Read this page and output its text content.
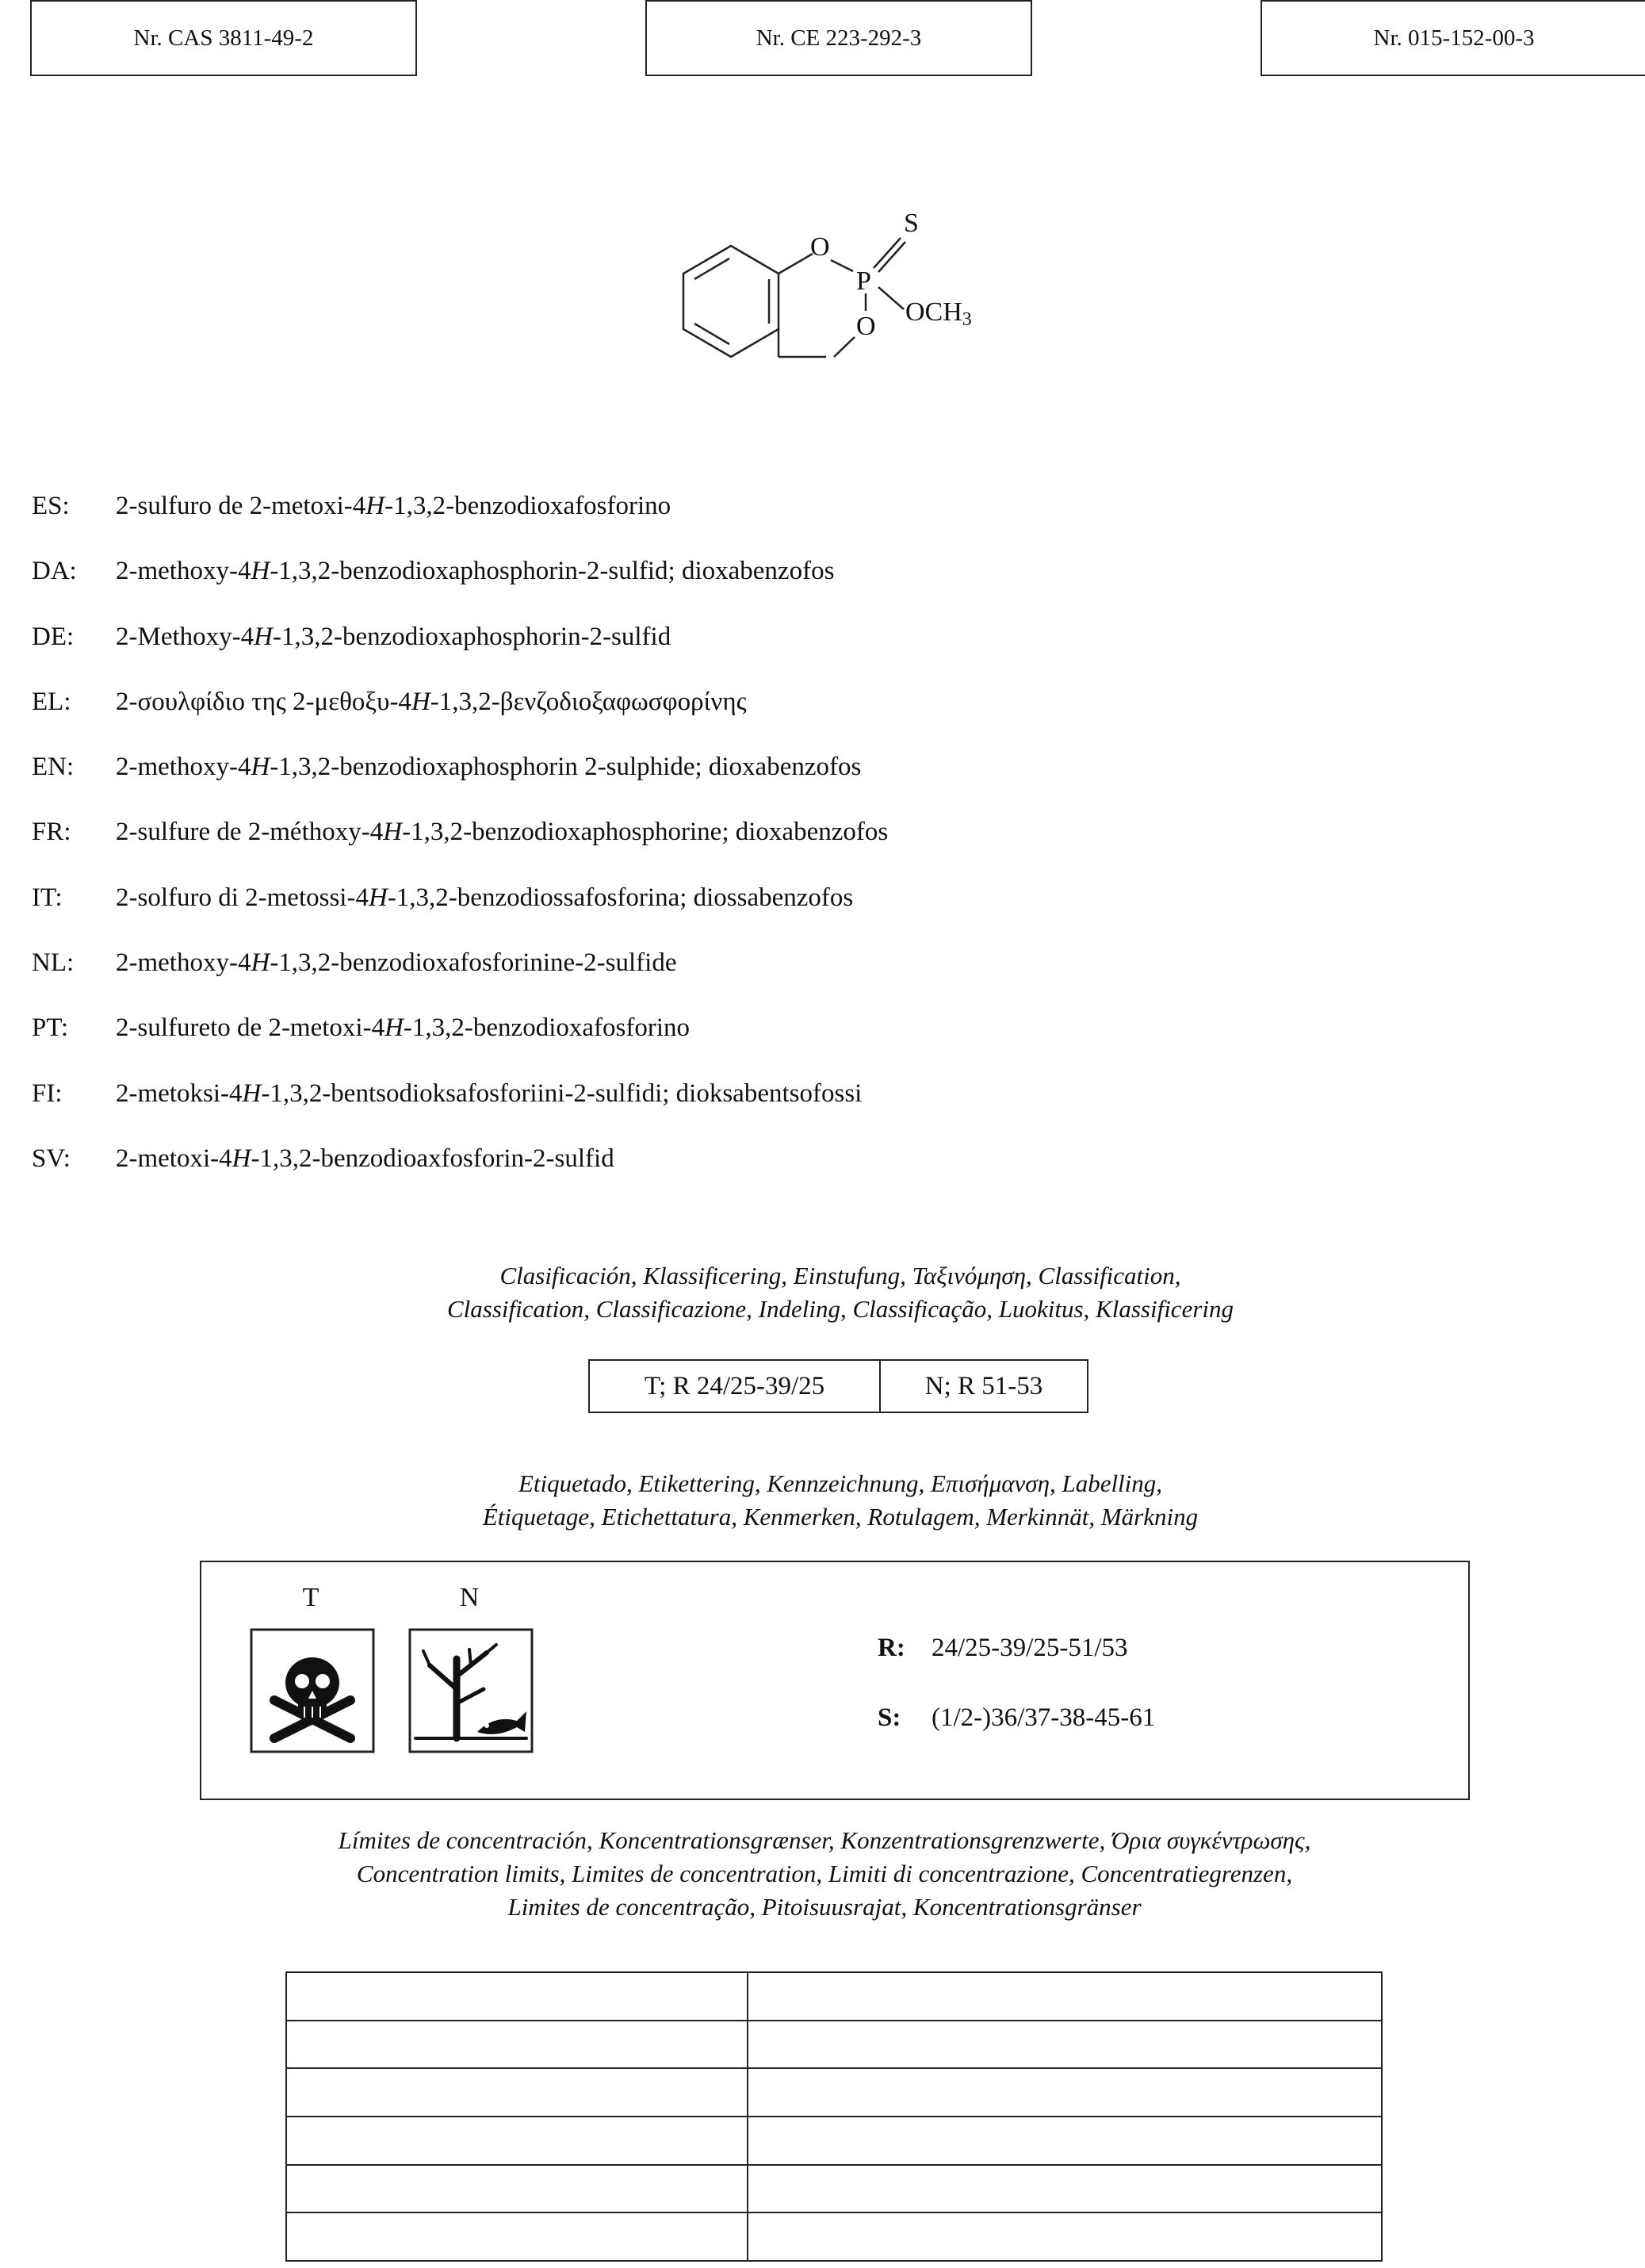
Nr. CAS 3811-49-2	Nr. CE 223-292-3	Nr. 015-152-00-3
S
P
O
O OCH3
ES:	2-sulfuro de 2-metoxi-4H-1,3,2-benzodioxafosforino
DA:	2-methoxy-4H-1,3,2-benzodioxaphosphorin-2-sulfid; dioxabenzofos
DE:	2-Methoxy-4H-1,3,2-benzodioxaphosphorin-2-sulfid
EL:	2-σουλφίδιο της 2-μεθοξυ-4H-1,3,2-βενζοδιοξαφωσφορίνης
EN:	2-methoxy-4H-1,3,2-benzodioxaphosphorin 2-sulphide; dioxabenzofos
FR:	2-sulfure de 2-méthoxy-4H-1,3,2-benzodioxaphosphorine; dioxabenzofos
IT:	2-solfuro di 2-metossi-4H-1,3,2-benzodiossafosforina; diossabenzofos
NL:	2-methoxy-4H-1,3,2-benzodioxafosforinine-2-sulfide
PT:	2-sulfureto de 2-metoxi-4H-1,3,2-benzodioxafosforino
FI:	2-metoksi-4H-1,3,2-bentsodioksafosforiini-2-sulfidi; dioksabentsofossi
SV:	2-metoxi-4H-1,3,2-benzodioaxfosforin-2-sulfid
Clasificación, Klassificering, Einstufung, Ταξινόμηση, Classification,
Classification, Classificazione, Indeling, Classificação, Luokitus, Klassificering
T; R 24/25-39/25	N; R 51-53
Etiquetado, Etikettering, Kennzeichnung, Επισήμανση, Labelling,
Étiquetage, Etichettatura, Kenmerken, Rotulagem, Merkinnät, Märkning
T	N
R:	24/25-39/25-51/53
S:	(1/2-)36/37-38-45-61
Límites de concentración, Koncentrationsgrænser, Konzentrationsgrenzwerte, Όρια συγκέντρωσης,
Concentration limits, Limites de concentration, Limiti di concentrazione, Concentratiegrenzen,
Limites de concentração, Pitoisuusrajat, Koncentrationsgränser
